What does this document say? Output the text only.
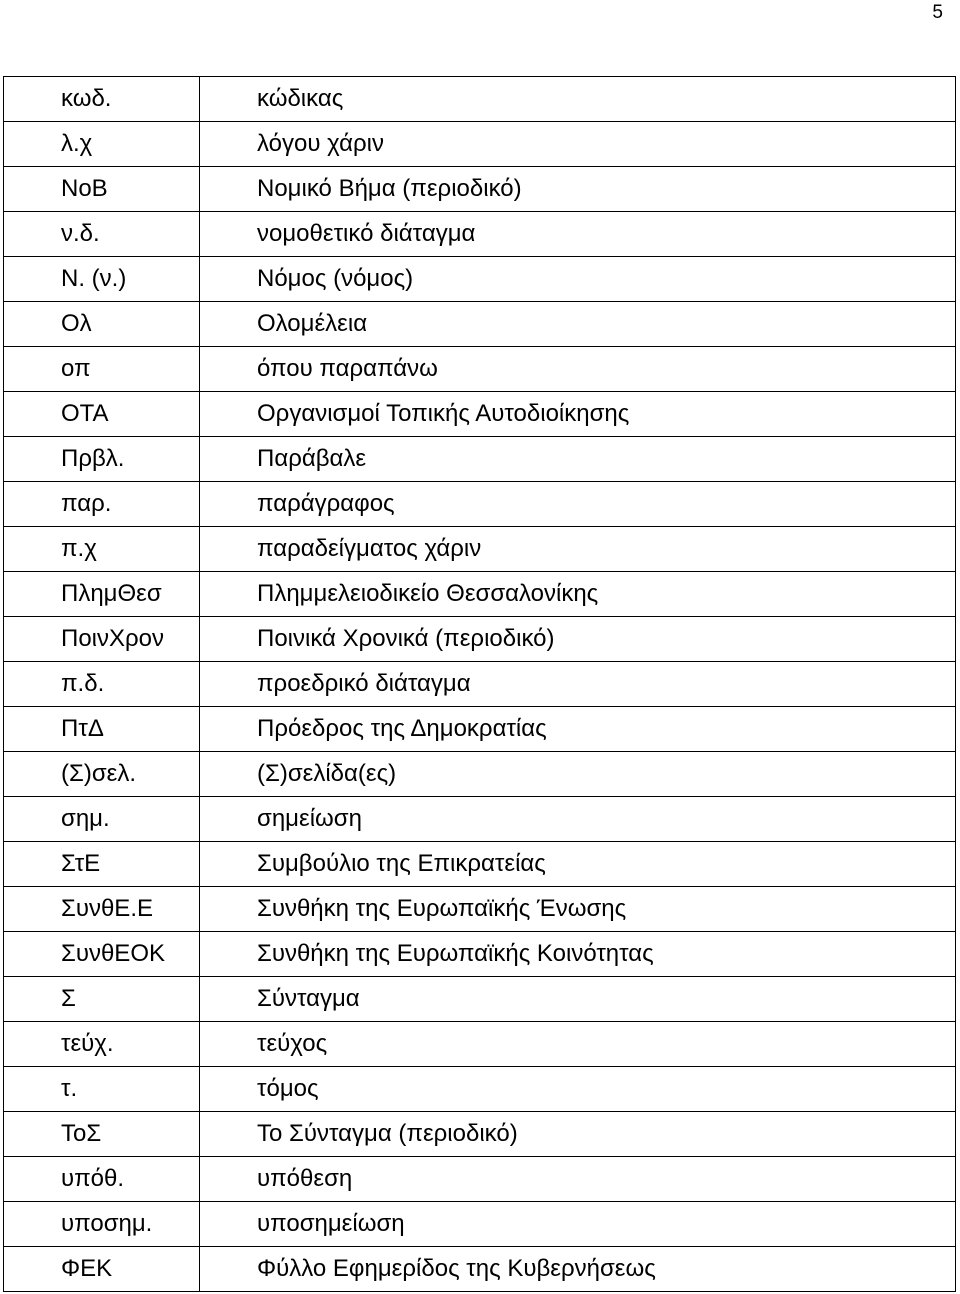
5
κωδ.	κώδικας
λ.χ	λόγου χάριν
ΝοΒ	Νομικό Βήμα (περιοδικό)
ν.δ.	νομοθετικό διάταγμα
Ν. (ν.)	Νόμος (νόμος)
Ολ	Ολομέλεια
οπ	όπου παραπάνω
ΟΤΑ	Οργανισμοί Τοπικής Αυτοδιοίκησης
Πρβλ.	Παράβαλε
παρ.	παράγραφος
π.χ	παραδείγματος χάριν
ΠλημΘεσ	Πλημμελειοδικείο Θεσσαλονίκης
ΠοινΧρον	Ποινικά Χρονικά (περιοδικό)
π.δ.	προεδρικό διάταγμα
ΠτΔ	Πρόεδρος της Δημοκρατίας
(Σ)σελ.	(Σ)σελίδα(ες)
σημ.	σημείωση
ΣτΕ	Συμβούλιο της Επικρατείας
ΣυνθΕ.Ε	Συνθήκη της Ευρωπαϊκής Ένωσης
ΣυνθΕΟΚ	Συνθήκη της Ευρωπαϊκής Κοινότητας
Σ	Σύνταγμα
τεύχ.	τεύχος
τ.	τόμος
ΤοΣ	Το Σύνταγμα (περιοδικό)
υπόθ.	υπόθεση
υποσημ.	υποσημείωση
ΦΕΚ	Φύλλο Εφημερίδος της Κυβερνήσεως
